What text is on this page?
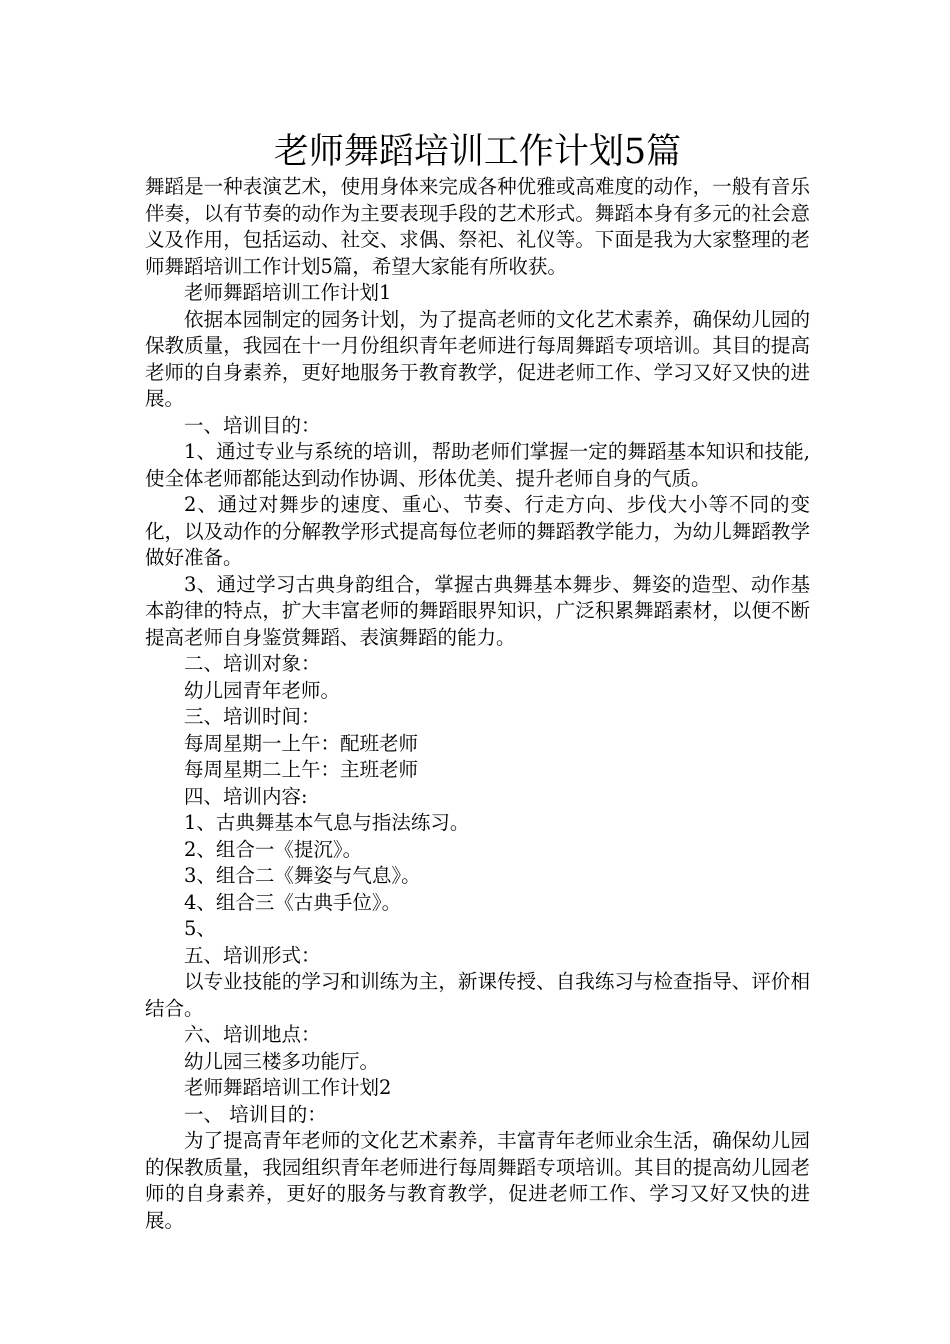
老师舞蹈培训工作计划5篇

舞蹈是一种表演艺术，使用身体来完成各种优雅或高难度的动作，一般有音乐伴奏，以有节奏的动作为主要表现手段的艺术形式。舞蹈本身有多元的社会意义及作用，包括运动、社交、求偶、祭祀、礼仪等。下面是我为大家整理的老师舞蹈培训工作计划5篇，希望大家能有所收获。

老师舞蹈培训工作计划1

依据本园制定的园务计划，为了提高老师的文化艺术素养，确保幼儿园的保教质量，我园在十一月份组织青年老师进行每周舞蹈专项培训。其目的提高老师的自身素养，更好地服务于教育教学，促进老师工作、学习又好又快的进展。

一、培训目的：

1、通过专业与系统的培训，帮助老师们掌握一定的舞蹈基本知识和技能,使全体老师都能达到动作协调、形体优美、提升老师自身的气质。

2、通过对舞步的速度、重心、节奏、行走方向、步伐大小等不同的变化，以及动作的分解教学形式提高每位老师的舞蹈教学能力，为幼儿舞蹈教学做好准备。

3、通过学习古典身韵组合，掌握古典舞基本舞步、舞姿的造型、动作基本韵律的特点，扩大丰富老师的舞蹈眼界知识，广泛积累舞蹈素材，以便不断提高老师自身鉴赏舞蹈、表演舞蹈的能力。

二、培训对象：

幼儿园青年老师。

三、培训时间：

每周星期一上午：配班老师

每周星期二上午：主班老师

四、培训内容:

1、古典舞基本气息与指法练习。

2、组合一《提沉》。

3、组合二《舞姿与气息》。

4、组合三《古典手位》。

5、

五、培训形式：

以专业技能的学习和训练为主，新课传授、自我练习与检查指导、评价相结合。

六、培训地点：

幼儿园三楼多功能厅。

老师舞蹈培训工作计划2

一、 培训目的：

为了提高青年老师的文化艺术素养，丰富青年老师业余生活，确保幼儿园的保教质量，我园组织青年老师进行每周舞蹈专项培训。其目的提高幼儿园老师的自身素养，更好的服务与教育教学，促进老师工作、学习又好又快的进展。
